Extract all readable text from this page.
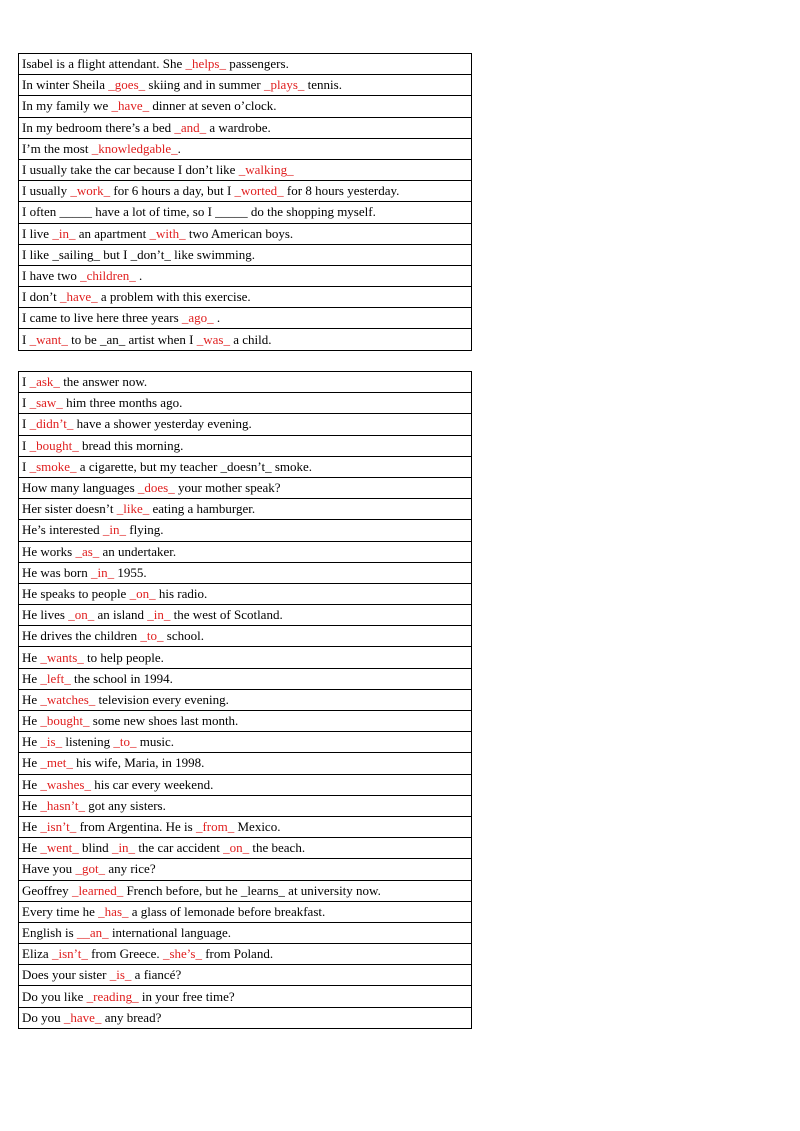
Isabel is a flight attendant. She _helps_ passengers.
In winter Sheila _goes_ skiing and in summer _plays_ tennis.
In my family we _have_ dinner at seven o’clock.
In my bedroom there’s a bed _and_ a wardrobe.
I’m the most _knowledgable_.
I usually take the car because I don’t like _walking_
I usually _work_ for 6 hours a day, but I _worted_ for 8 hours yesterday.
I often _____ have a lot of time, so I _____ do the shopping myself.
I live _in_ an apartment _with_ two American boys.
I like _sailing_ but I _don’t_ like swimming.
I have two _children_ .
I don’t _have_ a problem with this exercise.
I came to live here three years _ago_ .
I _want_ to be _an_ artist when I _was_ a child.
I _ask_ the answer now.
I _saw_ him three months ago.
I _didn’t_ have a shower yesterday evening.
I _bought_ bread this morning.
I _smoke_ a cigarette, but my teacher _doesn’t_ smoke.
How many languages _does_ your mother speak?
Her sister doesn’t _like_ eating a hamburger.
He’s interested _in_ flying.
He works _as_ an undertaker.
He was born _in_ 1955.
He speaks to people _on_ his radio.
He lives _on_ an island _in_ the west of Scotland.
He drives the children _to_ school.
He _wants_ to help people.
He _left_ the school in 1994.
He _watches_ television every evening.
He _bought_ some new shoes last month.
He _is_ listening _to_ music.
He _met_ his wife, Maria, in 1998.
He _washes_ his car every weekend.
He _hasn’t_ got any sisters.
He _isn’t_ from Argentina. He is _from_ Mexico.
He _went_ blind _in_ the car accident _on_ the beach.
Have you _got_ any rice?
Geoffrey _learned_ French before, but he _learns_ at university now.
Every time he _has_ a glass of lemonade before breakfast.
English is __an_ international language.
Eliza _isn’t_ from Greece. _she’s_ from Poland.
Does your sister _is_ a fiancé?
Do you like _reading_ in your free time?
Do you _have_ any bread?
